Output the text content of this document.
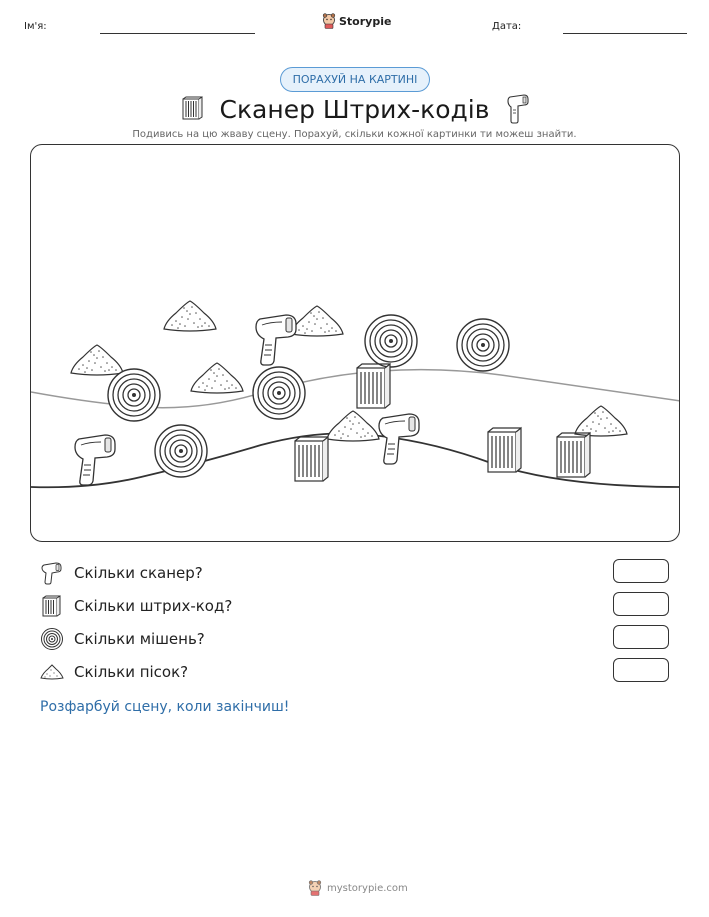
Ім'я:	Storypie	Дата:
ПОРАХУЙ НА КАРТИНІ
Сканер Штрих-кодів
Подивись на цю жваву сцену. Порахуй, скільки кожної картинки ти можеш знайти.
Скільки сканер?
Скільки штрих-код?
Скільки мішень?
Скільки пісок?
Розфарбуй сцену, коли закінчиш!
mystorypie.com
